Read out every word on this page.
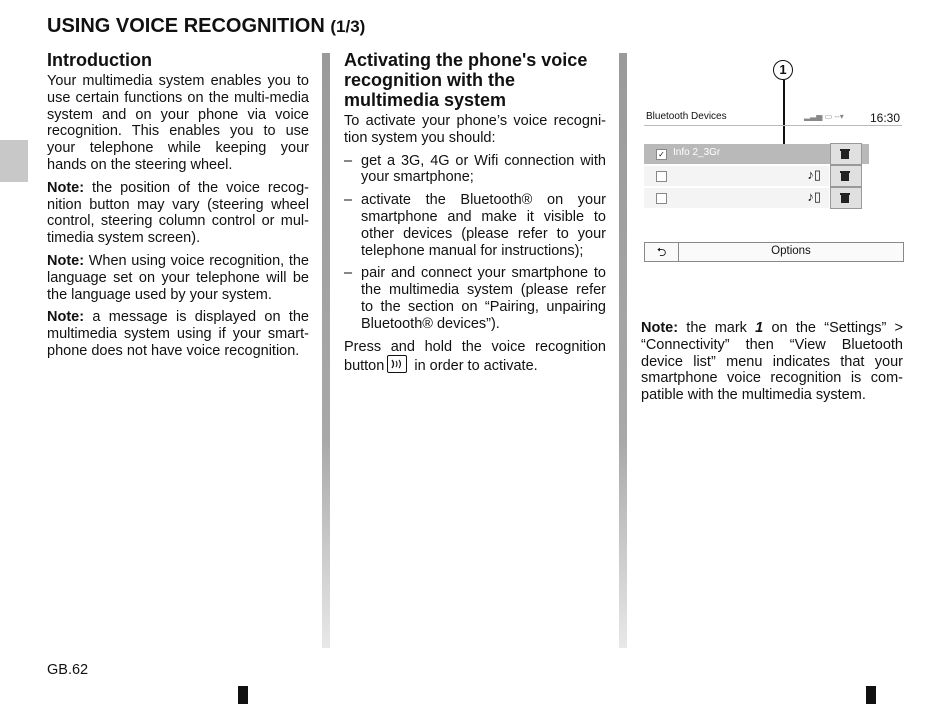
USING VOICE RECOGNITION (1/3)
Introduction

Your multimedia system enables you to use certain functions on the multi-media system and on your phone via voice recognition. This enables you to use your telephone while keeping your hands on the steering wheel.

Note: the position of the voice recog-nition button may vary (steering wheel control, steering column control or mul-timedia system screen).

Note: When using voice recognition, the language set on your telephone will be the language used by your system.

Note: a message is displayed on the multimedia system using if your smart-phone does not have voice recognition.

Activating the phone's voice recognition with the multimedia system

To activate your phone’s voice recogni-tion system you should:

– get a 3G, 4G or Wifi connection with your smartphone;
– activate the Bluetooth® on your smartphone and make it visible to other devices (please refer to your telephone manual for instructions);
– pair and connect your smartphone to the multimedia system (please refer to the section on “Pairing, unpairing Bluetooth® devices”).

Press and hold the voice recognition button
in order to activate.

1
Bluetooth Devices	▂▃▅ ▭ ‑‑▾ 16:30
✓ Info 2_3Gr
♪▯
♪▯
⮌	Options

Note: the mark 1 on the “Settings” > “Connectivity” then “View Bluetooth device list” menu indicates that your smartphone voice recognition is com-patible with the multimedia system.

GB.62
